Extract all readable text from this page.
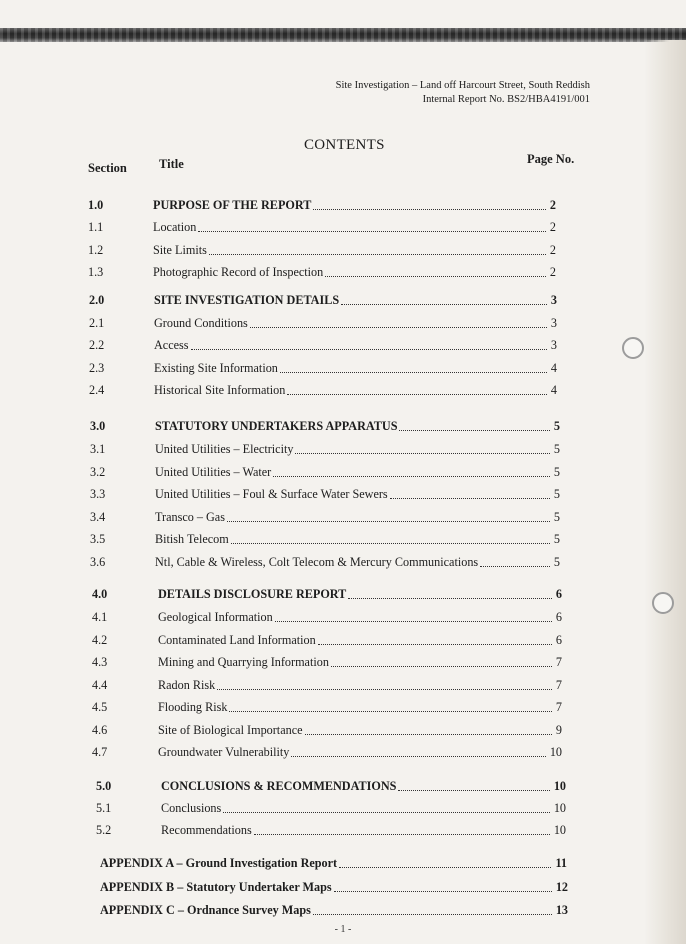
Site Investigation – Land off Harcourt Street, South Reddish
Internal Report No. BS2/HBA4191/001
CONTENTS
Section	Title	Page No.
1.0	PURPOSE OF THE REPORT	2
1.1	Location	2
1.2	Site Limits	2
1.3	Photographic Record of Inspection	2
2.0	SITE INVESTIGATION DETAILS	3
2.1	Ground Conditions	3
2.2	Access	3
2.3	Existing Site Information	4
2.4	Historical Site Information	4
3.0	STATUTORY UNDERTAKERS APPARATUS	5
3.1	United Utilities – Electricity	5
3.2	United Utilities – Water	5
3.3	United Utilities – Foul & Surface Water Sewers	5
3.4	Transco – Gas	5
3.5	Bitish Telecom	5
3.6	Ntl, Cable & Wireless, Colt Telecom & Mercury Communications	5
4.0	DETAILS DISCLOSURE REPORT	6
4.1	Geological Information	6
4.2	Contaminated Land Information	6
4.3	Mining and Quarrying Information	7
4.4	Radon Risk	7
4.5	Flooding Risk	7
4.6	Site of Biological Importance	9
4.7	Groundwater Vulnerability	10
5.0	CONCLUSIONS & RECOMMENDATIONS	10
5.1	Conclusions	10
5.2	Recommendations	10
APPENDIX A – Ground Investigation Report	11
APPENDIX B – Statutory Undertaker Maps	12
APPENDIX C – Ordnance Survey Maps	13
- 1 -
